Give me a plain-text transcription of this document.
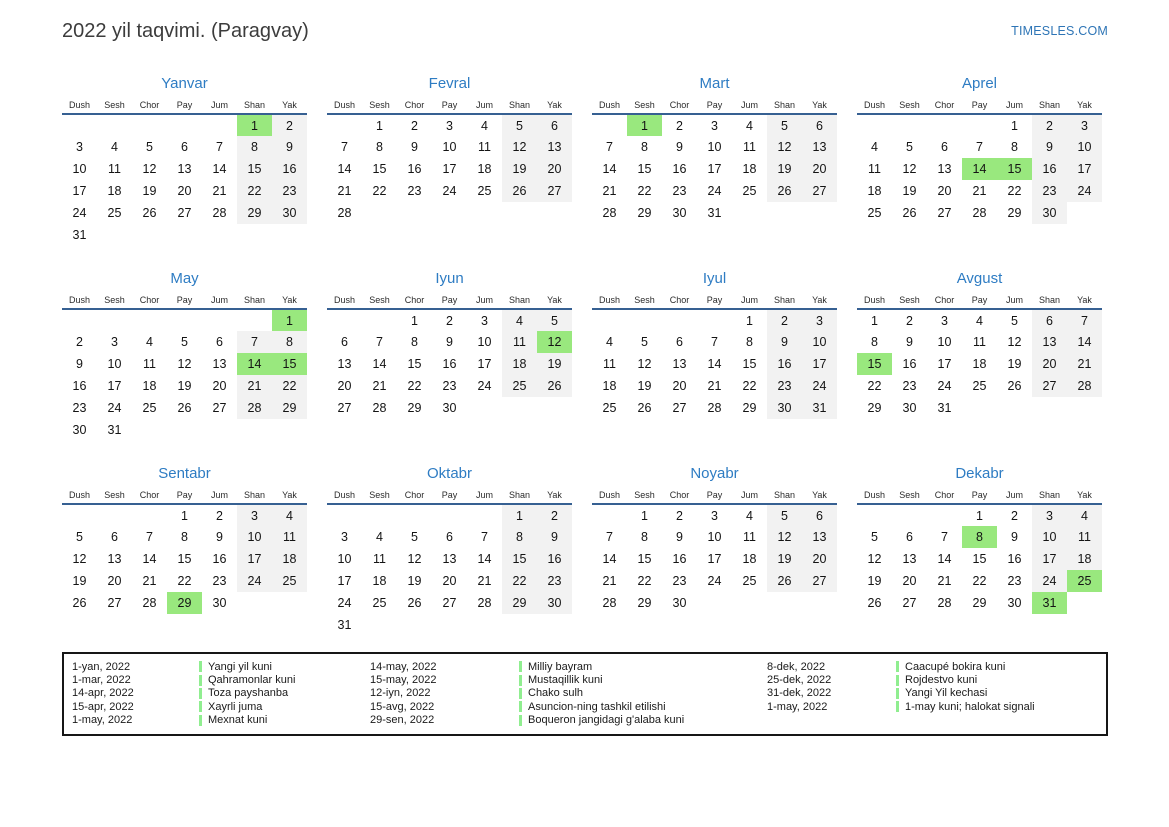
2022 yil taqvimi. (Paragvay)	TIMESLES.COM
Yanvar
Dush	Sesh	Chor	Pay	Jum	Shan	Yak
					1	2
3	4	5	6	7	8	9
10	11	12	13	14	15	16
17	18	19	20	21	22	23
24	25	26	27	28	29	30
31						
Fevral
Dush	Sesh	Chor	Pay	Jum	Shan	Yak
	1	2	3	4	5	6
7	8	9	10	11	12	13
14	15	16	17	18	19	20
21	22	23	24	25	26	27
28						
Mart
Dush	Sesh	Chor	Pay	Jum	Shan	Yak
	1	2	3	4	5	6
7	8	9	10	11	12	13
14	15	16	17	18	19	20
21	22	23	24	25	26	27
28	29	30	31			
Aprel
Dush	Sesh	Chor	Pay	Jum	Shan	Yak
				1	2	3
4	5	6	7	8	9	10
11	12	13	14	15	16	17
18	19	20	21	22	23	24
25	26	27	28	29	30	
May
Dush	Sesh	Chor	Pay	Jum	Shan	Yak
						1
2	3	4	5	6	7	8
9	10	11	12	13	14	15
16	17	18	19	20	21	22
23	24	25	26	27	28	29
30	31					
Iyun
Dush	Sesh	Chor	Pay	Jum	Shan	Yak
		1	2	3	4	5
6	7	8	9	10	11	12
13	14	15	16	17	18	19
20	21	22	23	24	25	26
27	28	29	30			
Iyul
Dush	Sesh	Chor	Pay	Jum	Shan	Yak
				1	2	3
4	5	6	7	8	9	10
11	12	13	14	15	16	17
18	19	20	21	22	23	24
25	26	27	28	29	30	31
Avgust
Dush	Sesh	Chor	Pay	Jum	Shan	Yak
1	2	3	4	5	6	7
8	9	10	11	12	13	14
15	16	17	18	19	20	21
22	23	24	25	26	27	28
29	30	31				
Sentabr
Dush	Sesh	Chor	Pay	Jum	Shan	Yak
			1	2	3	4
5	6	7	8	9	10	11
12	13	14	15	16	17	18
19	20	21	22	23	24	25
26	27	28	29	30		
Oktabr
Dush	Sesh	Chor	Pay	Jum	Shan	Yak
					1	2
3	4	5	6	7	8	9
10	11	12	13	14	15	16
17	18	19	20	21	22	23
24	25	26	27	28	29	30
31						
Noyabr
Dush	Sesh	Chor	Pay	Jum	Shan	Yak
	1	2	3	4	5	6
7	8	9	10	11	12	13
14	15	16	17	18	19	20
21	22	23	24	25	26	27
28	29	30				
Dekabr
Dush	Sesh	Chor	Pay	Jum	Shan	Yak
			1	2	3	4
5	6	7	8	9	10	11
12	13	14	15	16	17	18
19	20	21	22	23	24	25
26	27	28	29	30	31	
1-yan, 2022	Yangi yil kuni
1-mar, 2022	Qahramonlar kuni
14-apr, 2022	Toza payshanba
15-apr, 2022	Xayrli juma
1-may, 2022	Mexnat kuni
14-may, 2022	Milliy bayram
15-may, 2022	Mustaqillik kuni
12-iyn, 2022	Chako sulh
15-avg, 2022	Asuncion-ning tashkil etilishi
29-sen, 2022	Boqueron jangidagi g'alaba kuni
8-dek, 2022	Caacupé bokira kuni
25-dek, 2022	Rojdestvo kuni
31-dek, 2022	Yangi Yil kechasi
1-may, 2022	1-may kuni; halokat signali
